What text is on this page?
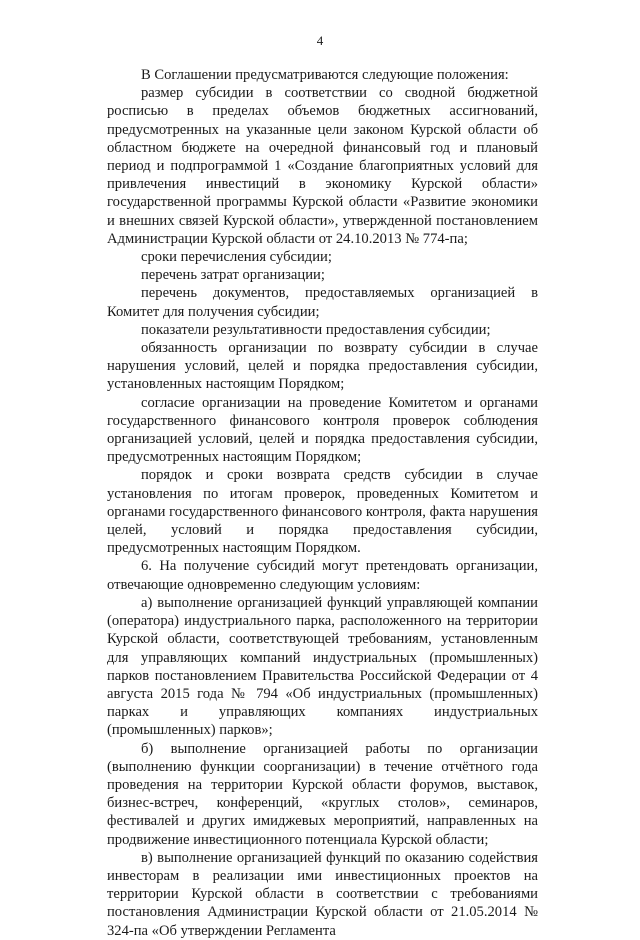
4

В Соглашении предусматриваются следующие положения:

размер субсидии в соответствии со сводной бюджетной росписью в пределах объемов бюджетных ассигнований, предусмотренных на указанные цели законом Курской области об областном бюджете на очередной финансовый год и плановый период и подпрограммой 1 «Создание благоприятных условий для привлечения инвестиций в экономику Курской области» государственной программы Курской области «Развитие экономики и внешних связей Курской области», утвержденной постановлением Администрации Курской области от 24.10.2013 № 774-па;

сроки перечисления субсидии;

перечень затрат организации;

перечень документов, предоставляемых организацией в Комитет для получения субсидии;

показатели результативности предоставления субсидии;

обязанность организации по возврату субсидии в случае нарушения условий, целей и порядка предоставления субсидии, установленных настоящим Порядком;

согласие организации на проведение Комитетом и органами государственного финансового контроля проверок соблюдения организацией условий, целей и порядка предоставления субсидии, предусмотренных настоящим Порядком;

порядок и сроки возврата средств субсидии в случае установления по итогам проверок, проведенных Комитетом и органами государственного финансового контроля, факта нарушения целей, условий и порядка предоставления субсидии, предусмотренных настоящим Порядком.

6. На получение субсидий могут претендовать организации, отвечающие одновременно следующим условиям:

а) выполнение организацией функций управляющей компании (оператора) индустриального парка, расположенного на территории Курской области, соответствующей требованиям, установленным для управляющих компаний индустриальных (промышленных) парков постановлением Правительства Российской Федерации от 4 августа 2015 года № 794 «Об индустриальных (промышленных) парках и управляющих компаниях индустриальных (промышленных) парков»;

б) выполнение организацией работы по организации (выполнению функции соорганизации) в течение отчётного года проведения на территории Курской области форумов, выставок, бизнес-встреч, конференций, «круглых столов», семинаров, фестивалей и других имиджевых мероприятий, направленных на продвижение инвестиционного потенциала Курской области;

в) выполнение организацией функций по оказанию содействия инвесторам в реализации ими инвестиционных проектов на территории Курской области в соответствии с требованиями постановления Администрации Курской области от 21.05.2014 № 324-па «Об утверждении Регламента
